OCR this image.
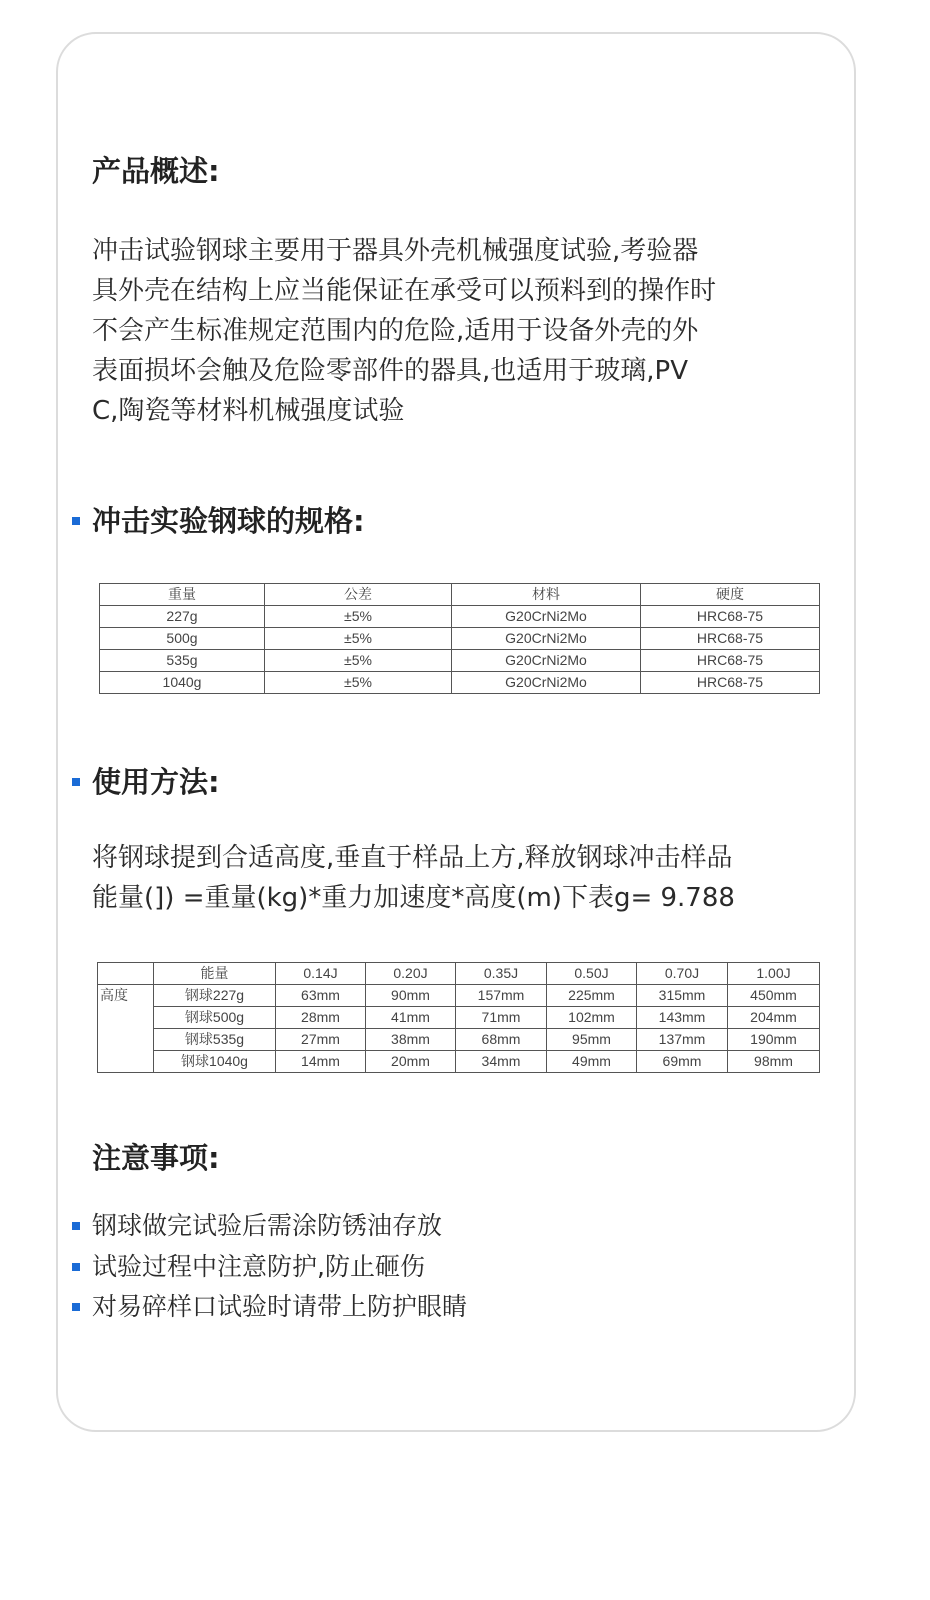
产品概述:
冲击试验钢球主要用于器具外壳机械强度试验,考验器
具外壳在结构上应当能保证在承受可以预料到的操作时
不会产生标准规定范围内的危险,适用于设备外壳的外
表面损坏会触及危险零部件的器具,也适用于玻璃,PV
C,陶瓷等材料机械强度试验
冲击实验钢球的规格:
重量	公差	材料	硬度
227g	±5%	G20CrNi2Mo	HRC68-75
500g	±5%	G20CrNi2Mo	HRC68-75
535g	±5%	G20CrNi2Mo	HRC68-75
1040g	±5%	G20CrNi2Mo	HRC68-75
使用方法:
将钢球提到合适高度,垂直于样品上方,释放钢球冲击样品
能量(]) =重量(kg)*重力加速度*高度(m)下表g= 9.788
	能量	0.14J	0.20J	0.35J	0.50J	0.70J	1.00J
高度	钢球227g	63mm	90mm	157mm	225mm	315mm	450mm
	钢球500g	28mm	41mm	71mm	102mm	143mm	204mm
	钢球535g	27mm	38mm	68mm	95mm	137mm	190mm
	钢球1040g	14mm	20mm	34mm	49mm	69mm	98mm
注意事项:
钢球做完试验后需涂防锈油存放
试验过程中注意防护,防止砸伤
对易碎样口试验时请带上防护眼睛
